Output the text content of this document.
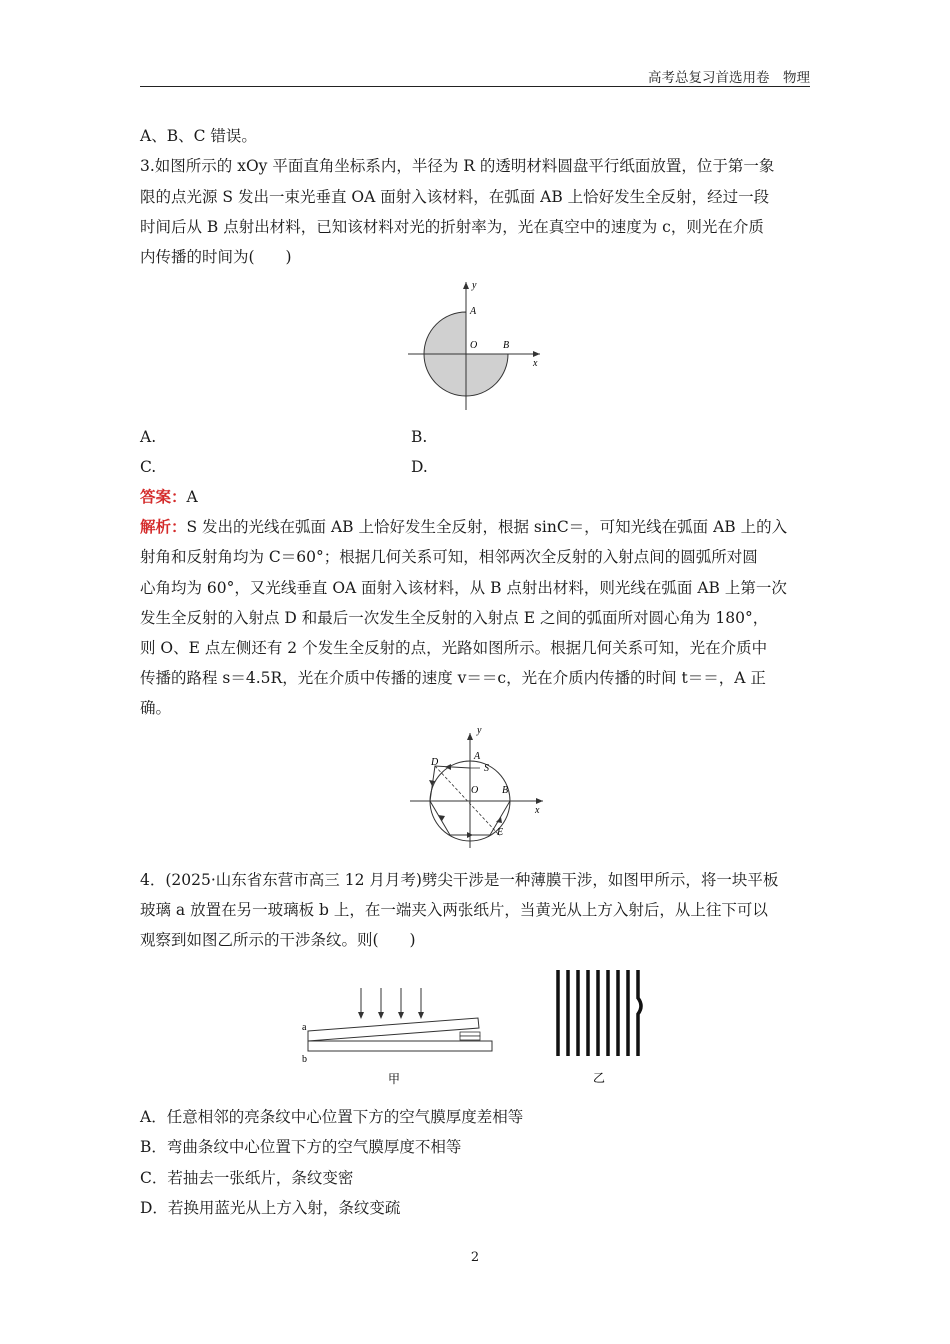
高考总复习首选用卷　物理
A、B、C 错误。
3.如图所示的 xOy 平面直角坐标系内，半径为 R 的透明材料圆盘平行纸面放置，位于第一象
限的点光源 S 发出一束光垂直 OA 面射入该材料，在弧面 AB 上恰好发生全反射，经过一段
时间后从 B 点射出材料，已知该材料对光的折射率为，光在真空中的速度为 c，则光在介质
内传播的时间为(　　)
y
A
O	B
x
A.	B.
C.	D.
答案：A
解析：S 发出的光线在弧面 AB 上恰好发生全反射，根据 sinC＝，可知光线在弧面 AB 上的入
射角和反射角均为 C＝60°；根据几何关系可知，相邻两次全反射的入射点间的圆弧所对圆
心角均为 60°，又光线垂直 OA 面射入该材料，从 B 点射出材料，则光线在弧面 AB 上第一次
发生全反射的入射点 D 和最后一次发生全反射的入射点 E 之间的弧面所对圆心角为 180°，
则 O、E 点左侧还有 2 个发生全反射的点，光路如图所示。根据几何关系可知，光在介质中
传播的路程 s＝4.5R，光在介质中传播的速度 v＝＝c，光在介质内传播的时间 t＝＝，A 正
确。
A
y
S
D
O B
x
E
4．(2025·山东省东营市高三 12 月月考)劈尖干涉是一种薄膜干涉，如图甲所示，将一块平板
玻璃 a 放置在另一玻璃板 b 上，在一端夹入两张纸片，当黄光从上方入射后，从上往下可以
观察到如图乙所示的干涉条纹。则(　　)
a
b
甲	乙
A．任意相邻的亮条纹中心位置下方的空气膜厚度差相等
B．弯曲条纹中心位置下方的空气膜厚度不相等
C．若抽去一张纸片，条纹变密
D．若换用蓝光从上方入射，条纹变疏
2
